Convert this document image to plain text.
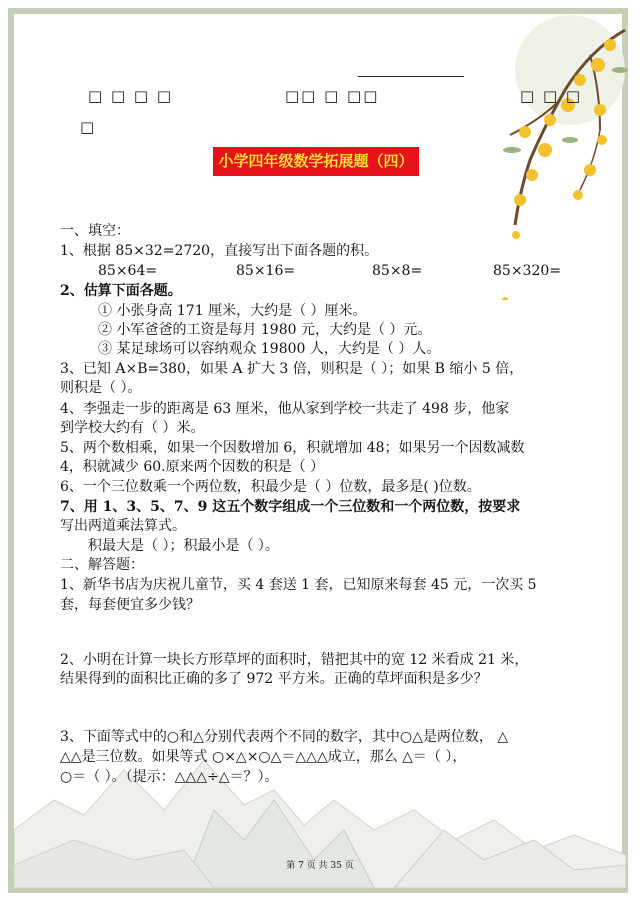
□ □ □ □	□□ □ □□	□ □ □
□
小学四年级数学拓展题（四）
一、填空：
1、根据 85×32=2720，直接写出下面各题的积。
85×64=	85×16=	85×8=	85×320=
2、估算下面各题。
① 小张身高 171 厘米，大约是（ ）厘米。
② 小军爸爸的工资是每月 1980 元，大约是（ ）元。
③ 某足球场可以容纳观众 19800 人，大约是（ ）人。
3、已知 A×B=380，如果 A 扩大 3 倍，则积是（ ）；如果 B 缩小 5 倍，
则积是（ ）。
4、李强走一步的距离是 63 厘米，他从家到学校一共走了 498 步，他家
到学校大约有（ ）米。
5、两个数相乘，如果一个因数增加 6，积就增加 48；如果另一个因数减数
4，积就减少 60.原来两个因数的积是（ ）
6、一个三位数乘一个两位数，积最少是（ ）位数，最多是( )位数。
7、用 1、3、5、7、9 这五个数字组成一个三位数和一个两位数，按要求
写出两道乘法算式。
积最大是（ ）；积最小是（ ）。
二、解答题：
1、新华书店为庆祝儿童节，买 4 套送 1 套，已知原来每套 45 元，一次买 5
套，每套便宜多少钱？
2、小明在计算一块长方形草坪的面积时，错把其中的宽 12 米看成 21 米，
结果得到的面积比正确的多了 972 平方米。正确的草坪面积是多少？
3、下面等式中的○和△分别代表两个不同的数字，其中○△是两位数， △
△△是三位数。如果等式 ○×△×○△＝△△△成立，那么 △＝（ ），
○＝（ ）。（提示：△△△÷△＝？）。
第 7 页 共 35 页
